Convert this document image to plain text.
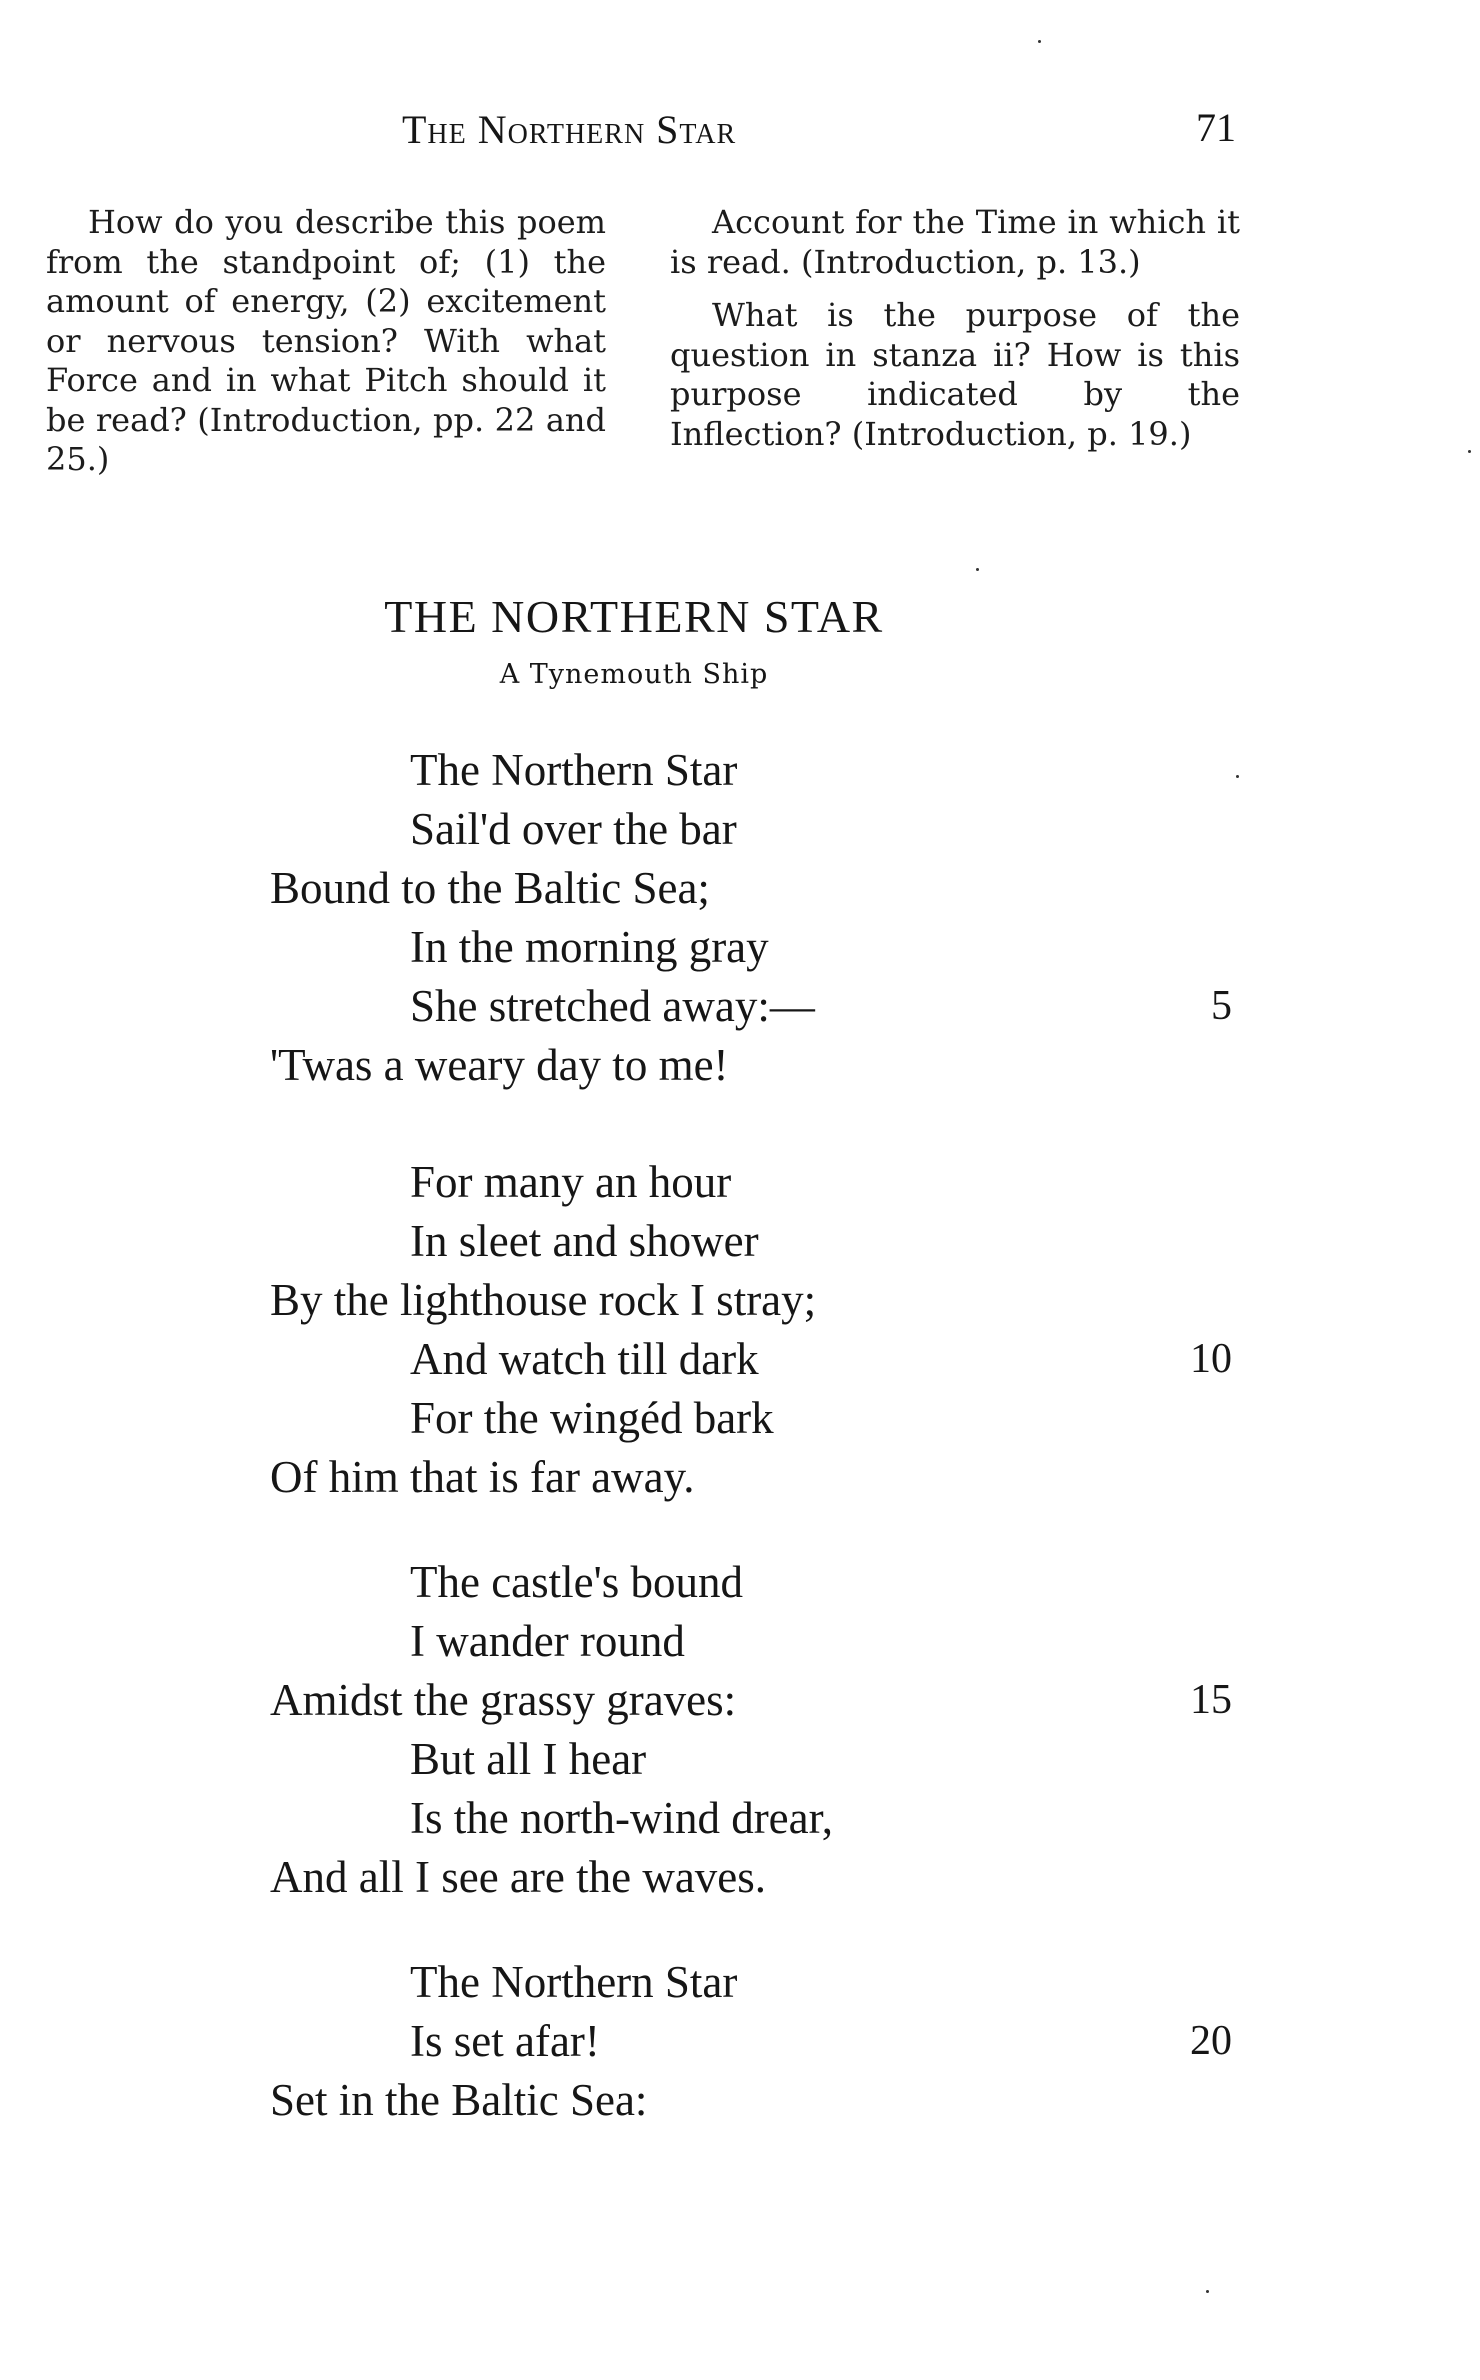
The Northern Star	71

How do you describe this poem from the standpoint of; (1) the amount of energy, (2) excitement or nervous tension? With what Force and in what Pitch should it be read? (Introduction, pp. 22 and 25.)

Account for the Time in which it is read. (Introduction, p. 13.)

What is the purpose of the question in stanza ii? How is this purpose indicated by the Inflection? (Introduction, p. 19.)

THE NORTHERN STAR
A Tynemouth Ship
The Northern Star
Sail'd over the bar
Bound to the Baltic Sea;
In the morning gray
She stretched away:—
'Twas a weary day to me!
For many an hour
In sleet and shower
By the lighthouse rock I stray;
And watch till dark
For the wingéd bark
Of him that is far away.
The castle's bound
I wander round
Amidst the grassy graves:
But all I hear
Is the north-wind drear,
And all I see are the waves.
The Northern Star
Is set afar!
Set in the Baltic Sea:
5
10
15
20
